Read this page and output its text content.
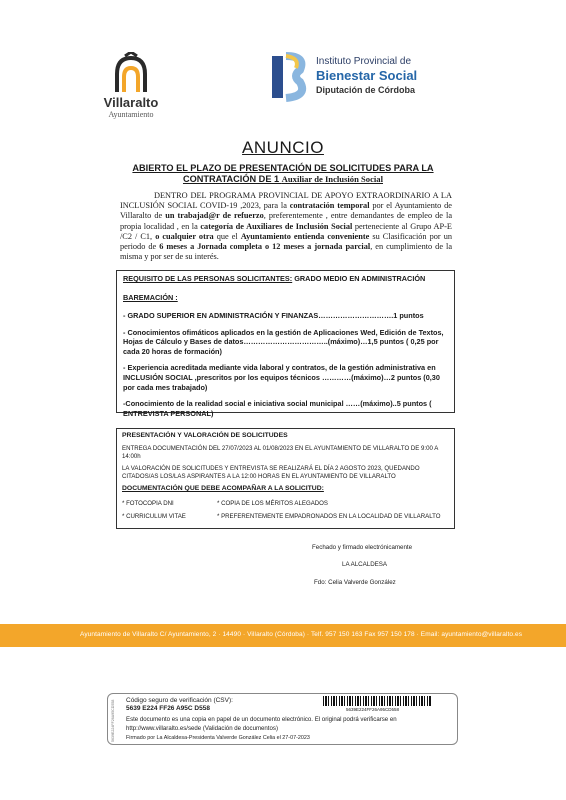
Villaralto
Ayuntamiento
Instituto Provincial de
Bienestar Social
Diputación de Córdoba
ANUNCIO
ABIERTO EL PLAZO DE PRESENTACIÓN DE SOLICITUDES PARA LA
CONTRATACIÓN DE 1 Auxiliar de Inclusión Social
DENTRO DEL PROGRAMA PROVINCIAL DE APOYO EXTRAORDINARIO A LA INCLUSIÓN SOCIAL COVID-19 ,2023, para la contratación temporal por el Ayuntamiento de Villaralto de un trabajad@r de refuerzo, preferentemente , entre demandantes de empleo de la propia localidad , en la categoría de Auxiliares de Inclusión Social perteneciente al Grupo AP-E /C2 / C1, o cualquier otra que el Ayuntamiento entienda conveniente su Clasificación por un periodo de 6 meses a Jornada completa o 12 meses a jornada parcial, en cumplimiento de la misma y por ser de su interés.
REQUISITO DE LAS PERSONAS SOLICITANTES: GRADO MEDIO EN ADMINISTRACIÓN
BAREMACIÓN :
- GRADO SUPERIOR EN ADMINISTRACIÓN Y FINANZAS………………………….1 puntos
- Conocimientos ofimáticos aplicados en la gestión de Aplicaciones Wed, Edición de Textos, Hojas de Cálculo y Bases de datos……………………………..(máximo)…1,5 puntos ( 0,25 por cada 20 horas de formación)
- Experiencia acreditada mediante vida laboral y contratos, de la gestión administrativa en INCLUSIÓN SOCIAL ,prescritos por los equipos técnicos …………(máximo)…2 puntos (0,30 por cada mes trabajado)
-Conocimiento de la realidad social e iniciativa social municipal ……(máximo)..5 puntos ( ENTREVISTA PERSONAL)
PRESENTACIÓN Y VALORACIÓN DE SOLICITUDES

ENTREGA DOCUMENTACIÓN DEL 27/07/2023 AL 01/08/2023 EN EL AYUNTAMIENTO DE VILLARALTO DE 9:00 A 14:00h

LA VALORACIÓN DE SOLICITUDES Y ENTREVISTA SE REALIZARÁ EL DÍA 2 AGOSTO 2023, QUEDANDO CITADOS/AS LOS/LAS ASPIRANTES A LA 12:00 HORAS EN EL AYUNTAMIENTO DE VILLARALTO

DOCUMENTACIÓN QUE DEBE ACOMPAÑAR A LA SOLICITUD:
* FOTOCOPIA DNI	* COPIA DE LOS MÉRITOS ALEGADOS
* CURRICULUM VITAE	* PREFERENTEMENTE EMPADRONADOS EN LA LOCALIDAD DE VILLARALTO
Fechado y firmado electrónicamente
LA ALCALDESA
Fdo: Celia Valverde González
Ayuntamiento de Villaralto C/ Ayuntamiento, 2 · 14490 · Villaralto (Córdoba) · Telf. 957 150 163 Fax 957 150 178 · Email: ayuntamiento@villaralto.es
5639E224FF26A95CD558	Código seguro de verificación (CSV):
5639 E224 FF26 A95C D558	5639E224FF26A95CD558
Este documento es una copia en papel de un documento electrónico. El original podrá verificarse en
http://www.villaralto.es/sede (Validación de documentos)
Firmado por La Alcaldesa-Presidenta Valverde González Celia el 27-07-2023
